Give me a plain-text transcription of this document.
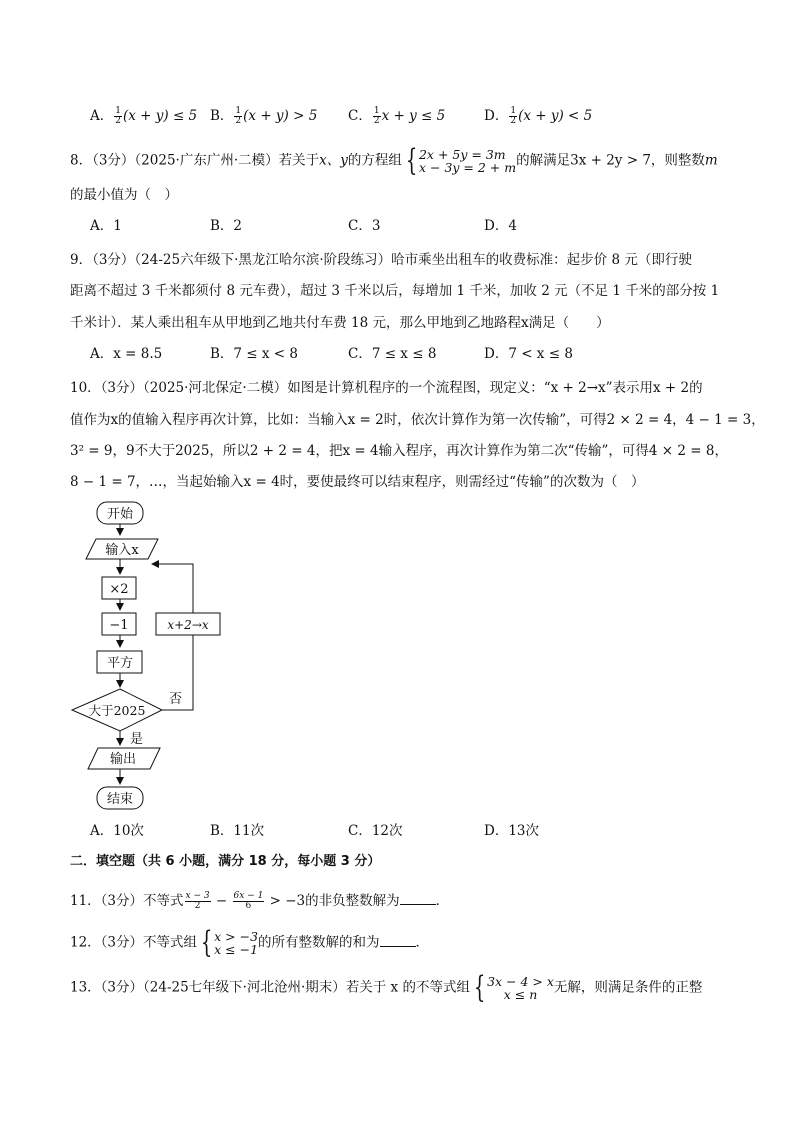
A． $\frac{1}{2} (x + y) \le 5$ B． $\frac{1}{2} (x + y) > 5$ C． $\frac{1}{2}$ x + y ≤ 5	D． $\frac{1}{2} (x + y) < 5$
8．（3分）（2025·广东广州·二模）若关于x、y的方程组 { 2x + 5y = 3m
x − 3y = 2 + m 的解满足3x + 2y > 7，则整数m
的最小值为（　）
A．1	B．2	C．3	D．4
9．（3分）（24-25六年级下·黑龙江哈尔滨·阶段练习）哈市乘坐出租车的收费标准：起步价 8 元（即行驶
距离不超过 3 千米都须付 8 元车费），超过 3 千米以后，每增加 1 千米，加收 2 元（不足 1 千米的部分按 1
千米计）．某人乘出租车从甲地到乙地共付车费 18 元，那么甲地到乙地路程x满足（　　）
A．x = 8.5	B．7 ≤ x < 8	C．7 ≤ x ≤ 8	D．7 < x ≤ 8
10．（3分）（2025·河北保定·二模）如图是计算机程序的一个流程图，现定义：“x + 2→x”表示用x + 2的
值作为x的值输入程序再次计算，比如：当输入x = 2时，依次计算作为第一次传输”，可得2 × 2 = 4，4 − 1 = 3，
3² = 9，9不大于2025，所以2 + 2 = 4，把x = 4输入程序，再次计算作为第二次“传输”，可得4 × 2 = 8，
8 − 1 = 7，…，当起始输入x = 4时，要使最终可以结束程序，则需经过“传输”的次数为（　）
开始
输入x
×2
−1
平方
大于2025
否
是
x+2→x
输出
结束
A．10次	B．11次	C．12次	D．13次
二．填空题（共 6 小题，满分 18 分，每小题 3 分）
11．（3分）不等式 $\frac{x - 3}{2} - \frac{6x - 1}{6} > -3$的非负整数解为	．
12．（3分）不等式组 { x > −3
x ≤ −1 的所有整数解的和为	．
13．（3分）（24-25七年级下·河北沧州·期末）若关于 x 的不等式组 { 3x − 4 > x
x ≤ n 无解，则满足条件的正整
